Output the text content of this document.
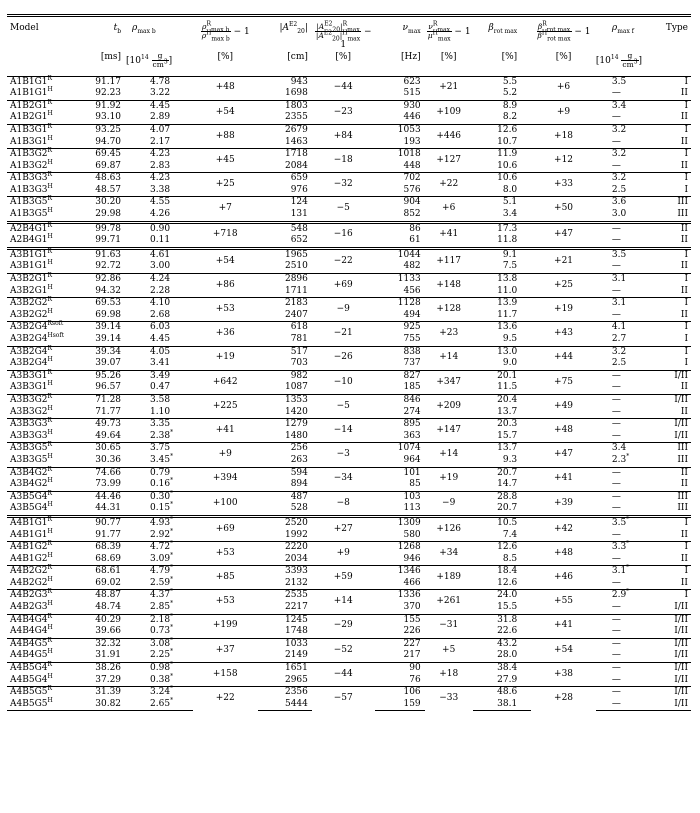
Model	$t_b$	$\rho_{max b}$	$\frac{\rho^R_{max b}}{\rho^H_{max b}} - 1$	$|A^{E2}_{20}|$	$\frac{|A^{E2}_{20}|^R_{max}}{|A^{E2}_{20}|^H_{max}} - 1$	$\nu_{max}$	$\frac{\nu^R_{max}}{\mu^H_{max}} - 1$	$\beta_{rot max}$	$\frac{\beta^R_{rot max}}{\beta^H_{rot max}} - 1$	$\rho_{max f}$	Type
	[ms]	[$10^{14} \frac{g}{cm^3}$ ]	[%]	[cm]	[%]	[Hz]	[%]	[%]	[%]	[$10^{14} \frac{g}{cm^3}$ ]	
$A1B1G1^R$	91.17	4.78	+48	943	−44	623	+21	5.5	+6	3.5	I
$A1B1G1^H$	92.23	3.22		1698		515		5.2		—	II
$A1B2G1^R$	91.92	4.45	+54	1803	−23	930	+109	8.9	+9	3.4	I
$A1B2G1^H$	93.10	2.89		2355		446		8.2		—	II
$A1B3G1^R$	93.25	4.07	+88	2679	+84	1053	+446	12.6	+18	3.2	I
$A1B3G1^H$	94.70	2.17		1463		193		10.7		—	II
$A1B3G2^R$	69.45	4.23	+45	1718	−18	1018	+127	11.9	+12	3.2	I
$A1B3G2^H$	69.87	2.83		2084		448		10.6		—	II
$A1B3G3^R$	48.63	4.23	+25	659	−32	702	+22	10.6	+33	3.2	I
$A1B3G3^H$	48.57	3.38		976		576		8.0		2.5	I
$A1B3G5^R$	30.20	4.55	+7	124	−5	904	+6	5.1	+50	3.6	III
$A1B3G5^H$	29.98	4.26		131		852		3.4		3.0	III
$A2B4G1^R$	99.78	0.90	+718	548	−16	86	+41	17.3	+47	—	II
$A2B4G1^H$	99.71	0.11		652		61		11.8		—	II
$A3B1G1^R$	91.63	4.61	+54	1965	−22	1044	+117	9.1	+21	3.5	I
$A3B1G1^H$	92.72	3.00		2510		482		7.5		—	II
$A3B2G1^R$	92.86	4.24	+86	2896	+69	1133	+148	13.8	+25	3.1	I
$A3B2G1^H$	94.32	2.28		1711		456		11.0		—	II
$A3B2G2^R$	69.53	4.10	+53	2183	−9	1128	+128	13.9	+19	3.1	I
$A3B2G2^H$	69.98	2.68		2407		494		11.7		—	II
$A3B2G4^{Rsoft}$	39.14	6.03	+36	618	−21	925	+23	13.6	+43	4.1	I
$A3B2G4^{Hsoft}$	39.14	4.45		781		755		9.5		2.7	I
$A3B2G4^R$	39.34	4.05	+19	517	−26	838	+14	13.0	+44	3.2	I
$A3B2G4^H$	39.07	3.41		703		737		9.0		2.5	I
$A3B3G1^R$	95.26	3.49	+642	982	−10	827	+347	20.1	+75	—	I/II
$A3B3G1^H$	96.57	0.47		1087		185		11.5		—	II
$A3B3G2^R$	71.28	3.58	+225	1353	−5	846	+209	20.4	+49	—	I/II
$A3B3G2^H$	71.77	1.10		1420		274		13.7		—	II
$A3B3G3^R$	49.73	3.35	+41	1279	−14	895	+147	20.3	+48	—	I/II
$A3B3G3^H$	49.64	2.38*		1480		363		15.7		—	I/II
$A3B3G5^R$	30.65	3.75	+9	256	−3	1074	+14	13.7	+47	3.4	III
$A3B3G5^H$	30.36	3.45*		263		964		9.3		2.3*	III
$A3B4G2^R$	74.66	0.79	+394	594	−34	101	+19	20.7	+41	—	II
$A3B4G2^H$	73.99	0.16*		894		85		14.7		—	II
$A3B5G4^R$	44.46	0.30*	+100	487	−8	103	−9	28.8	+39	—	III
$A3B5G4^H$	44.31	0.15*		528		113		20.7		—	III
$A4B1G1^R$	90.77	4.93*	+69	2520	+27	1309	+126	10.5	+42	3.5*	I
$A4B1G1^H$	91.77	2.92*		1992		580		7.4		—	II
$A4B1G2^R$	68.39	4.72*	+53	2220	+9	1268	+34	12.6	+48	3.3*	I
$A4B1G2^H$	68.69	3.09*		2034		946		8.5		—	II
$A4B2G2^R$	68.61	4.79*	+85	3393	+59	1346	+189	18.4	+46	3.1*	I
$A4B2G2^H$	69.02	2.59*		2132		466		12.6		—	II
$A4B2G3^R$	48.87	4.37*	+53	2535	+14	1336	+261	24.0	+55	2.9*	I
$A4B2G3^H$	48.74	2.85*		2217		370		15.5		—	I/II
$A4B4G4^R$	40.29	2.18*	+199	1245	−29	155	−31	31.8	+41	—	I/II
$A4B4G4^H$	39.66	0.73*		1748		226		22.6		—	I/II
$A4B4G5^R$	32.32	3.08*	+37	1033	−52	227	+5	43.2	+54	—	I/II
$A4B4G5^H$	31.91	2.25*		2149		217		28.0		—	I/II
$A4B5G4^R$	38.26	0.98*	+158	1651	−44	90	+18	38.4	+38	—	I/II
$A4B5G4^H$	37.29	0.38*		2965		76		27.9		—	I/II
$A4B5G5^R$	31.39	3.24*	+22	2356	−57	106	−33	48.6	+28	—	I/II
$A4B5G5^H$	30.82	2.65*		5444		159		38.1		—	I/II
